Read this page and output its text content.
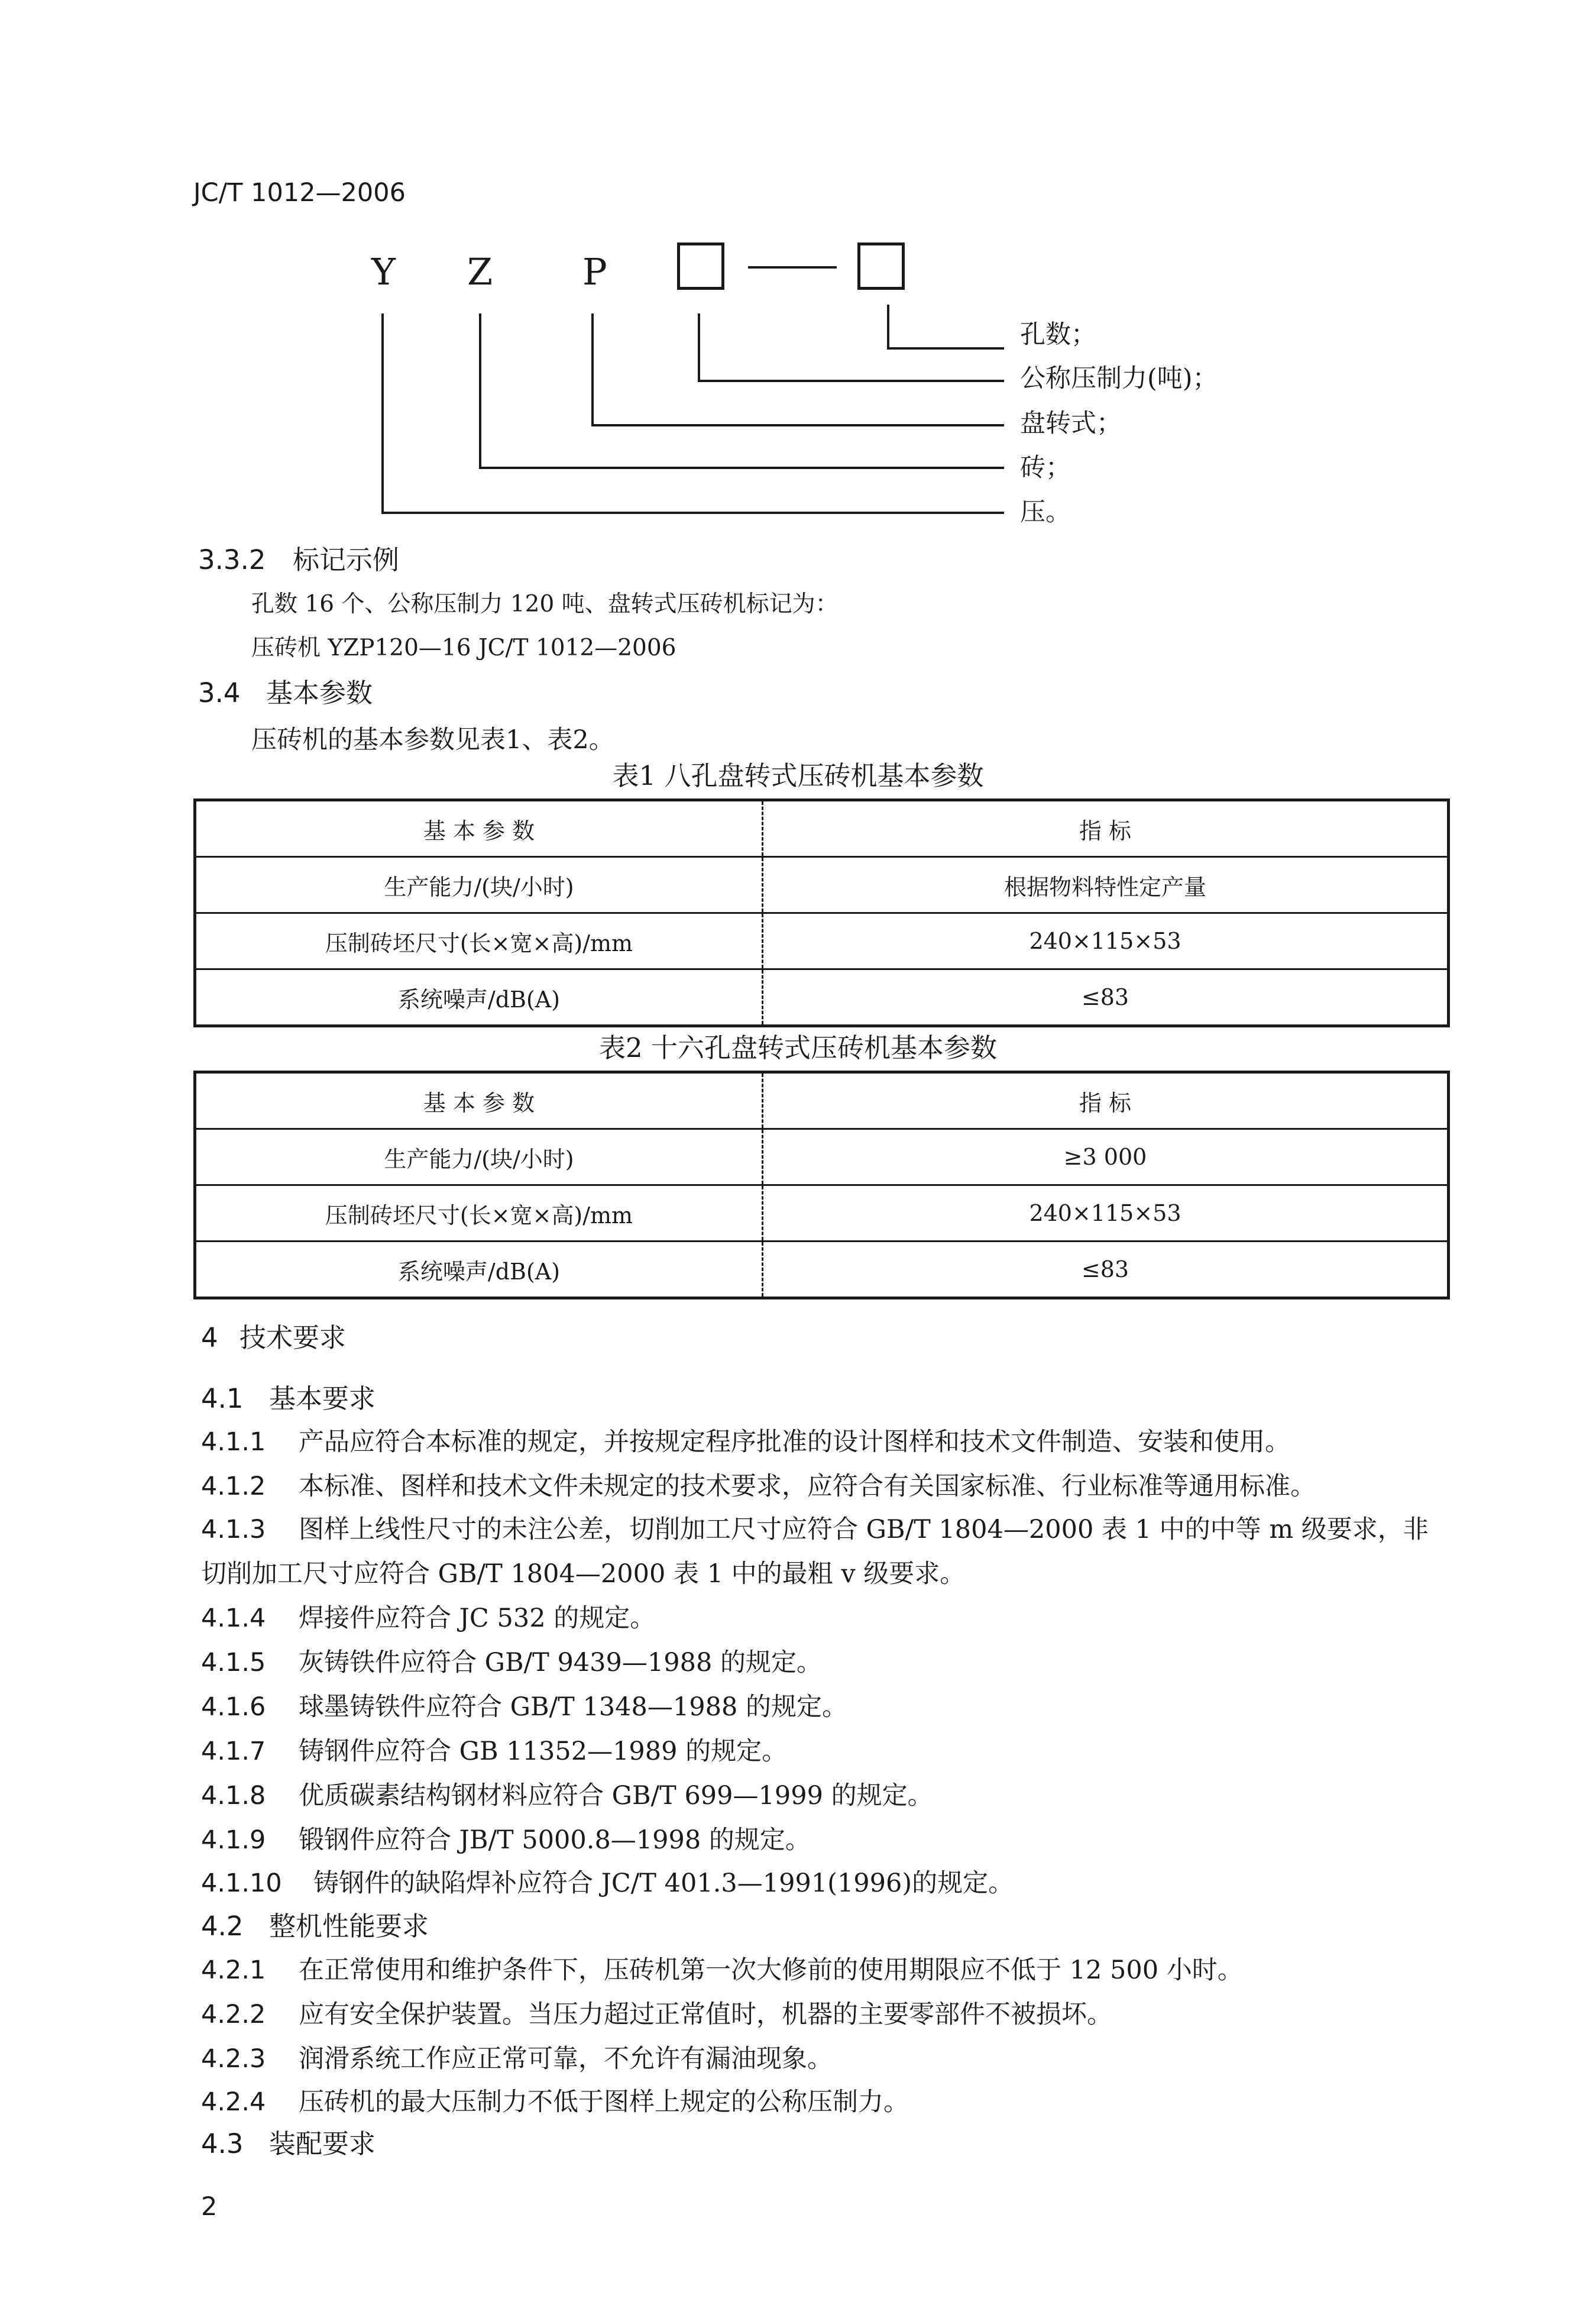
JC/T 1012—2006
Y Z P
孔数；
公称压制力(吨)；
盘转式；
砖；
压。
3.3.2 标记示例
孔数 16 个、公称压制力 120 吨、盘转式压砖机标记为：
压砖机 YZP120—16 JC/T 1012—2006
3.4 基本参数
压砖机的基本参数见表1、表2。
表1 八孔盘转式压砖机基本参数
基 本 参 数	指 标
生产能力/(块/小时)	根据物料特性定产量
压制砖坯尺寸(长×宽×高)/mm	240×115×53
系统噪声/dB(A)	≤83
表2 十六孔盘转式压砖机基本参数
基 本 参 数	指 标
生产能力/(块/小时)	≥3 000
压制砖坯尺寸(长×宽×高)/mm	240×115×53
系统噪声/dB(A)	≤83
4 技术要求
4.1 基本要求
4.1.1 产品应符合本标准的规定，并按规定程序批准的设计图样和技术文件制造、安装和使用。
4.1.2 本标准、图样和技术文件未规定的技术要求，应符合有关国家标准、行业标准等通用标准。
4.1.3 图样上线性尺寸的未注公差，切削加工尺寸应符合 GB/T 1804—2000 表 1 中的中等 m 级要求，非
切削加工尺寸应符合 GB/T 1804—2000 表 1 中的最粗 v 级要求。
4.1.4 焊接件应符合 JC 532 的规定。
4.1.5 灰铸铁件应符合 GB/T 9439—1988 的规定。
4.1.6 球墨铸铁件应符合 GB/T 1348—1988 的规定。
4.1.7 铸钢件应符合 GB 11352—1989 的规定。
4.1.8 优质碳素结构钢材料应符合 GB/T 699—1999 的规定。
4.1.9 锻钢件应符合 JB/T 5000.8—1998 的规定。
4.1.10 铸钢件的缺陷焊补应符合 JC/T 401.3—1991(1996)的规定。
4.2 整机性能要求
4.2.1 在正常使用和维护条件下，压砖机第一次大修前的使用期限应不低于 12 500 小时。
4.2.2 应有安全保护装置。当压力超过正常值时，机器的主要零部件不被损坏。
4.2.3 润滑系统工作应正常可靠，不允许有漏油现象。
4.2.4 压砖机的最大压制力不低于图样上规定的公称压制力。
4.3 装配要求
2
